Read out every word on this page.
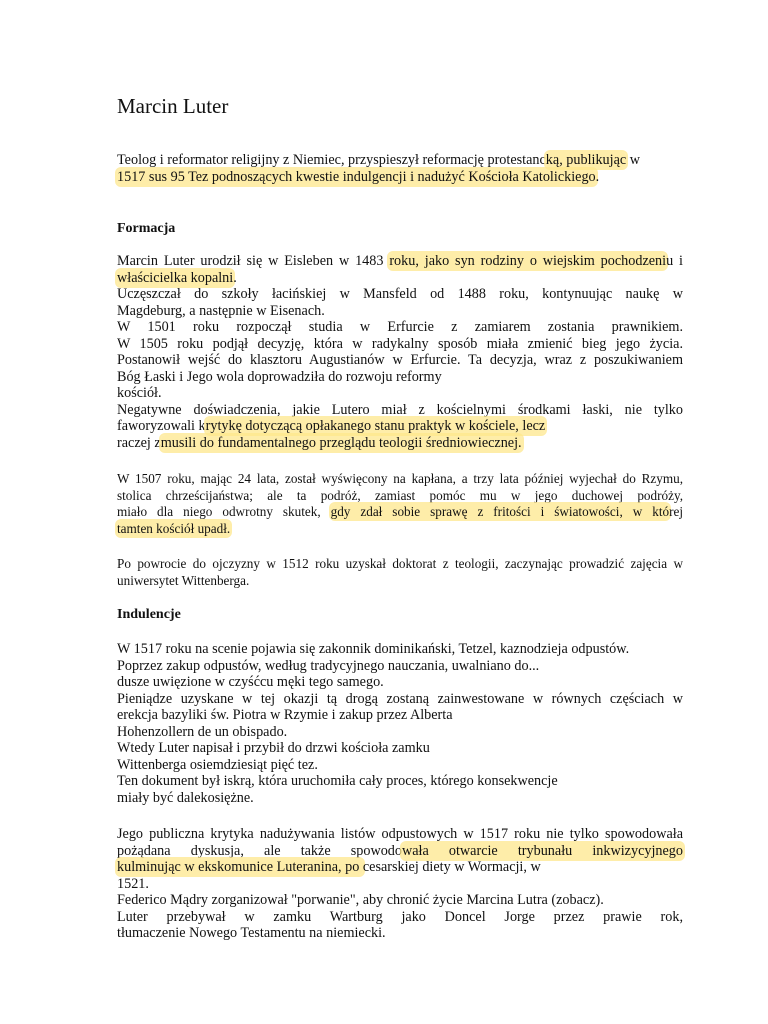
Marcin Luter
Teolog i reformator religijny z Niemiec, przyspieszył reformację protestancką, publikując w
1517 sus 95 Tez podnoszących kwestie indulgencji i nadużyć Kościoła Katolickiego.
Formacja
Marcin Luter urodził się w Eisleben w 1483 roku, jako syn rodziny o wiejskim pochodzeniu i
właścicielka kopalni.
Uczęszczał do szkoły łacińskiej w Mansfeld od 1488 roku, kontynuując naukę w
Magdeburg, a następnie w Eisenach.
W 1501 roku rozpoczął studia w Erfurcie z zamiarem zostania prawnikiem.
W 1505 roku podjął decyzję, która w radykalny sposób miała zmienić bieg jego życia.
Postanowił wejść do klasztoru Augustianów w Erfurcie. Ta decyzja, wraz z poszukiwaniem
Bóg Łaski i Jego wola doprowadziła do rozwoju reformy
kościół.
Negatywne doświadczenia, jakie Lutero miał z kościelnymi środkami łaski, nie tylko
faworyzowali krytykę dotyczącą opłakanego stanu praktyk w kościele, lecz
raczej zmusili do fundamentalnego przeglądu teologii średniowiecznej.
W 1507 roku, mając 24 lata, został wyświęcony na kapłana, a trzy lata później wyjechał do Rzymu,
stolica chrześcijaństwa; ale ta podróż, zamiast pomóc mu w jego duchowej podróży,
miało dla niego odwrotny skutek, gdy zdał sobie sprawę z fritości i światowości, w której
tamten kościół upadł.
Po powrocie do ojczyzny w 1512 roku uzyskał doktorat z teologii, zaczynając prowadzić zajęcia w
uniwersytet Wittenberga.
Indulencje
W 1517 roku na scenie pojawia się zakonnik dominikański, Tetzel, kaznodzieja odpustów.
Poprzez zakup odpustów, według tradycyjnego nauczania, uwalniano do...
dusze uwięzione w czyśćcu męki tego samego.
Pieniądze uzyskane w tej okazji tą drogą zostaną zainwestowane w równych częściach w
erekcja bazyliki św. Piotra w Rzymie i zakup przez Alberta
Hohenzollern de un obispado.
Wtedy Luter napisał i przybił do drzwi kościoła zamku
Wittenberga osiemdziesiąt pięć tez.
Ten dokument był iskrą, która uruchomiła cały proces, którego konsekwencje
miały być dalekosiężne.
Jego publiczna krytyka nadużywania listów odpustowych w 1517 roku nie tylko spowodowała
pożądana dyskusja, ale także spowodowała otwarcie trybunału inkwizycyjnego
kulminując w ekskomunice Luteranina, po cesarskiej diety w Wormacji, w
1521.
Federico Mądry zorganizował "porwanie", aby chronić życie Marcina Lutra (zobacz).
Luter przebywał w zamku Wartburg jako Doncel Jorge przez prawie rok,
tłumaczenie Nowego Testamentu na niemiecki.
